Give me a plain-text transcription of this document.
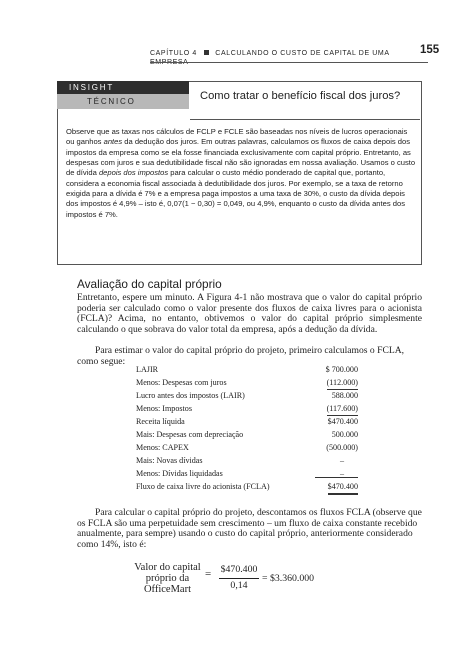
CAPÍTULO 4	CALCULANDO O CUSTO DE CAPITAL DE UMA EMPRESA
155
INSIGHT
TÉCNICO	Como tratar o benefício fiscal dos juros?
Observe que as taxas nos cálculos de FCLP e FCLE são baseadas nos níveis de lucros operacionais ou ganhos antes da dedução dos juros. Em outras palavras, calculamos os fluxos de caixa depois dos impostos da empresa como se ela fosse financiada exclusivamente com capital próprio. Entretanto, as despesas com juros e sua dedutibilidade fiscal não são ignoradas em nossa avaliação. Usamos o custo de dívida depois dos impostos para calcular o custo médio ponderado de capital que, portanto, considera a economia fiscal associada à dedutibilidade dos juros. Por exemplo, se a taxa de retorno exigida para a dívida é 7% e a empresa paga impostos a uma taxa de 30%, o custo da dívida depois dos impostos é 4,9% – isto é, 0,07(1 − 0,30) = 0,049, ou 4,9%, enquanto o custo da dívida antes dos impostos é 7%.
Avaliação do capital próprio
Entretanto, espere um minuto. A Figura 4-1 não mostrava que o valor do capital próprio poderia ser calculado como o valor presente dos fluxos de caixa livres para o acionista (FCLA)? Acima, no entanto, obtivemos o valor do capital próprio simplesmente calculando o que sobrava do valor total da empresa, após a dedução da dívida.
Para estimar o valor do capital próprio do projeto, primeiro calculamos o FCLA, como segue:
LAJIR	$ 700.000
Menos: Despesas com juros	(112.000)
Lucro antes dos impostos (LAIR)	588.000
Menos: Impostos	(117.600)
Receita líquida	$470.400
Mais: Despesas com depreciação	500.000
Menos: CAPEX	(500.000)
Mais: Novas dívidas	–
Menos: Dívidas liquidadas	–
Fluxo de caixa livre do acionista (FCLA)	$470.400
Para calcular o capital próprio do projeto, descontamos os fluxos FCLA (observe que os FCLA são uma perpetuidade sem crescimento – um fluxo de caixa constante recebido anualmente, para sempre) usando o custo do capital próprio, anteriormente considerado como 14%, isto é:
Valor do capital
próprio da
OfficeMart
= $470.400
0,14
= $3.360.000
